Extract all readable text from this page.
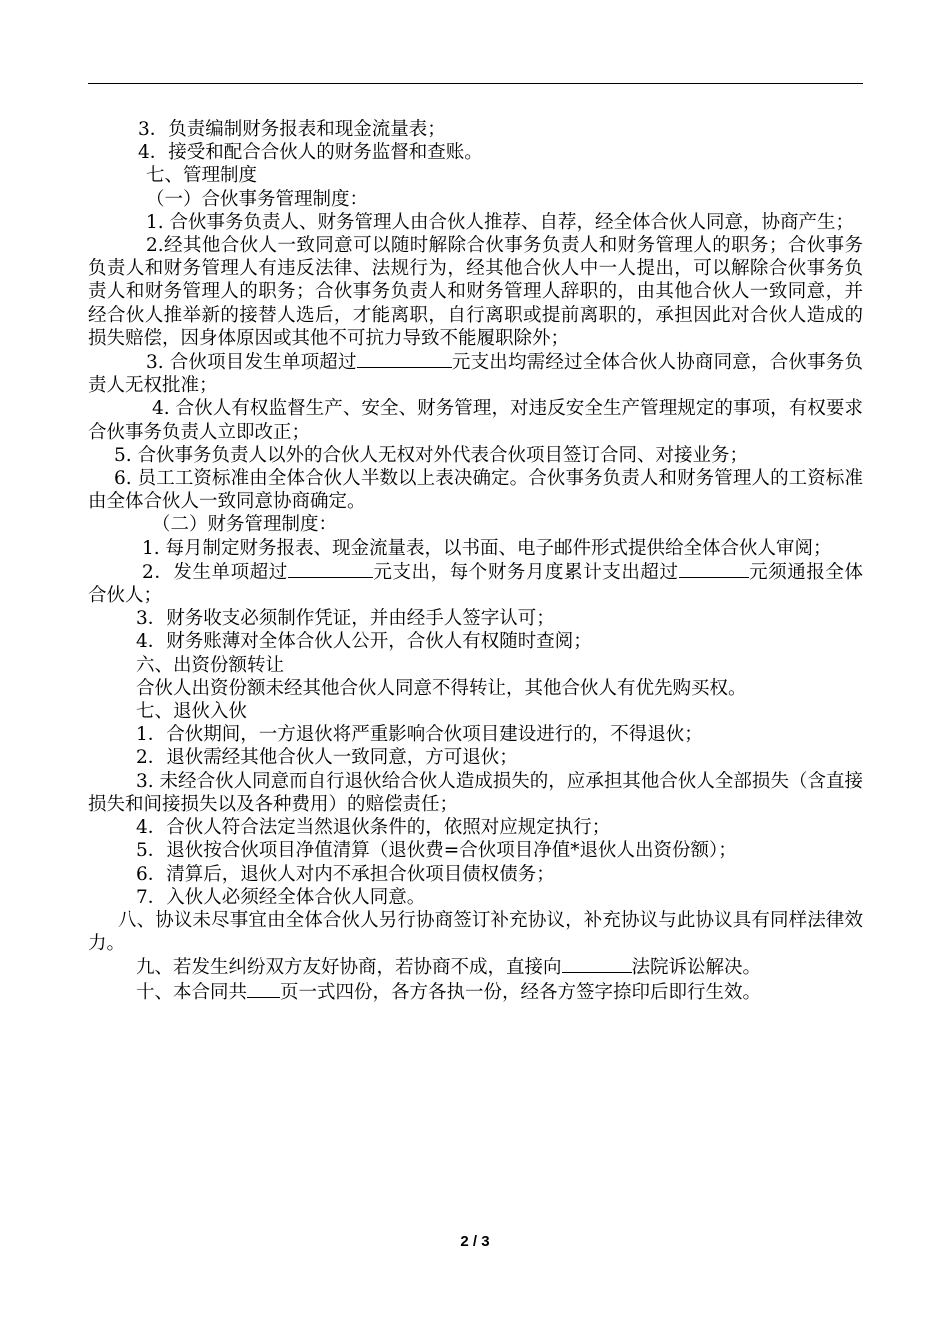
3．负责编制财务报表和现金流量表；

4．接受和配合合伙人的财务监督和查账。

七、管理制度

（一）合伙事务管理制度：

1. 合伙事务负责人、财务管理人由合伙人推荐、自荐，经全体合伙人同意，协商产生；

2.经其他合伙人一致同意可以随时解除合伙事务负责人和财务管理人的职务；合伙事务负责人和财务管理人有违反法律、法规行为，经其他合伙人中一人提出，可以解除合伙事务负责人和财务管理人的职务；合伙事务负责人和财务管理人辞职的，由其他合伙人一致同意，并经合伙人推举新的接替人选后，才能离职，自行离职或提前离职的，承担因此对合伙人造成的损失赔偿，因身体原因或其他不可抗力导致不能履职除外；

3. 合伙项目发生单项超过	元支出均需经过全体合伙人协商同意，合伙事务负责人无权批准；

4. 合伙人有权监督生产、安全、财务管理，对违反安全生产管理规定的事项，有权要求合伙事务负责人立即改正；

5. 合伙事务负责人以外的合伙人无权对外代表合伙项目签订合同、对接业务；

6. 员工工资标准由全体合伙人半数以上表决确定。合伙事务负责人和财务管理人的工资标准由全体合伙人一致同意协商确定。

（二）财务管理制度：

1. 每月制定财务报表、现金流量表，以书面、电子邮件形式提供给全体合伙人审阅；

2．发生单项超过	元支出，每个财务月度累计支出超过	元须通报全体合伙人；

3．财务收支必须制作凭证，并由经手人签字认可；

4．财务账薄对全体合伙人公开，合伙人有权随时查阅；

六、出资份额转让

合伙人出资份额未经其他合伙人同意不得转让，其他合伙人有优先购买权。

七、退伙入伙

1．合伙期间，一方退伙将严重影响合伙项目建设进行的，不得退伙；

2．退伙需经其他合伙人一致同意，方可退伙；

3. 未经合伙人同意而自行退伙给合伙人造成损失的，应承担其他合伙人全部损失（含直接损失和间接损失以及各种费用）的赔偿责任；

4．合伙人符合法定当然退伙条件的，依照对应规定执行；

5．退伙按合伙项目净值清算（退伙费=合伙项目净值*退伙人出资份额）；

6．清算后，退伙人对内不承担合伙项目债权债务；

7．入伙人必须经全体合伙人同意。

八、协议未尽事宜由全体合伙人另行协商签订补充协议，补充协议与此协议具有同样法律效力。

九、若发生纠纷双方友好协商，若协商不成，直接向	法院诉讼解决。

十、本合同共 页一式四份，各方各执一份，经各方签字捺印后即行生效。

2 / 3
